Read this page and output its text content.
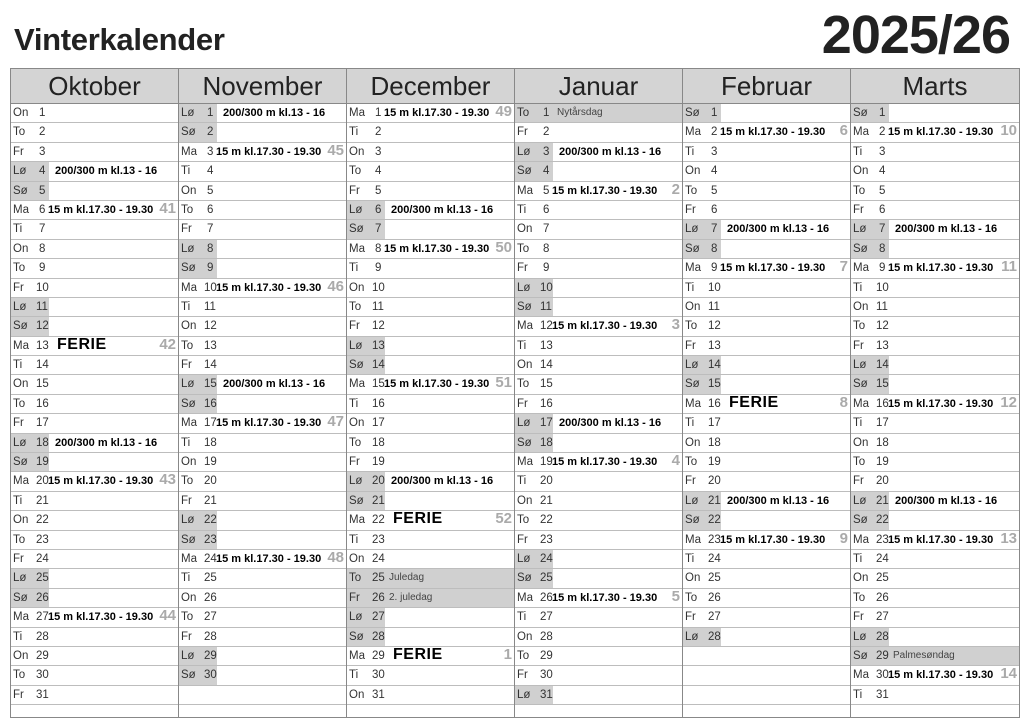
Vinterkalender	2025/26
Oktober
On 1
To 2
Fr 3
Lø 4 200/300 m kl.13 - 16
Sø 5
Ma 6 15 m kl.17.30 - 19.30 41
Ti 7
On 8
To 9
Fr 10
Lø 11
Sø 12
Ma 13 FERIE	42
Ti 14
On 15
To 16
Fr 17
Lø 18 200/300 m kl.13 - 16
Sø 19
Ma 20 15 m kl.17.30 - 19.30 43
Ti 21
On 22
To 23
Fr 24
Lø 25
Sø 26
Ma 27 15 m kl.17.30 - 19.30 44
Ti 28
On 29
To 30
Fr 31
November
Lø 1 200/300 m kl.13 - 16
Sø 2
Ma 3 15 m kl.17.30 - 19.30 45
Ti 4
On 5
To 6
Fr 7
Lø 8
Sø 9
Ma 10 15 m kl.17.30 - 19.30 46
Ti 11
On 12
To 13
Fr 14
Lø 15 200/300 m kl.13 - 16
Sø 16
Ma 17 15 m kl.17.30 - 19.30 47
Ti 18
On 19
To 20
Fr 21
Lø 22
Sø 23
Ma 24 15 m kl.17.30 - 19.30 48
Ti 25
On 26
To 27
Fr 28
Lø 29
Sø 30
December
Ma 1 15 m kl.17.30 - 19.30 49
Ti 2
On 3
To 4
Fr 5
Lø 6 200/300 m kl.13 - 16
Sø 7
Ma 8 15 m kl.17.30 - 19.30 50
Ti 9
On 10
To 11
Fr 12
Lø 13
Sø 14
Ma 15 15 m kl.17.30 - 19.30 51
Ti 16
On 17
To 18
Fr 19
Lø 20 200/300 m kl.13 - 16
Sø 21
Ma 22 FERIE	52
Ti 23
On 24
To 25 Juledag
Fr 26 2. juledag
Lø 27
Sø 28
Ma 29 FERIE	1
Ti 30
On 31
Januar
To 1 Nytårsdag
Fr 2
Lø 3 200/300 m kl.13 - 16
Sø 4
Ma 5 15 m kl.17.30 - 19.30 2
Ti 6
On 7
To 8
Fr 9
Lø 10
Sø 11
Ma 12 15 m kl.17.30 - 19.30 3
Ti 13
On 14
To 15
Fr 16
Lø 17 200/300 m kl.13 - 16
Sø 18
Ma 19 15 m kl.17.30 - 19.30 4
Ti 20
On 21
To 22
Fr 23
Lø 24
Sø 25
Ma 26 15 m kl.17.30 - 19.30 5
Ti 27
On 28
To 29
Fr 30
Lø 31
Februar
Sø 1
Ma 2 15 m kl.17.30 - 19.30 6
Ti 3
On 4
To 5
Fr 6
Lø 7 200/300 m kl.13 - 16
Sø 8
Ma 9 15 m kl.17.30 - 19.30 7
Ti 10
On 11
To 12
Fr 13
Lø 14
Sø 15
Ma 16 FERIE	8
Ti 17
On 18
To 19
Fr 20
Lø 21 200/300 m kl.13 - 16
Sø 22
Ma 23 15 m kl.17.30 - 19.30 9
Ti 24
On 25
To 26
Fr 27
Lø 28
Marts
Sø 1
Ma 2 15 m kl.17.30 - 19.30 10
Ti 3
On 4
To 5
Fr 6
Lø 7 200/300 m kl.13 - 16
Sø 8
Ma 9 15 m kl.17.30 - 19.30 11
Ti 10
On 11
To 12
Fr 13
Lø 14
Sø 15
Ma 16 15 m kl.17.30 - 19.30 12
Ti 17
On 18
To 19
Fr 20
Lø 21 200/300 m kl.13 - 16
Sø 22
Ma 23 15 m kl.17.30 - 19.30 13
Ti 24
On 25
To 26
Fr 27
Lø 28
Sø 29 Palmesøndag
Ma 30 15 m kl.17.30 - 19.30 14
Ti 31
